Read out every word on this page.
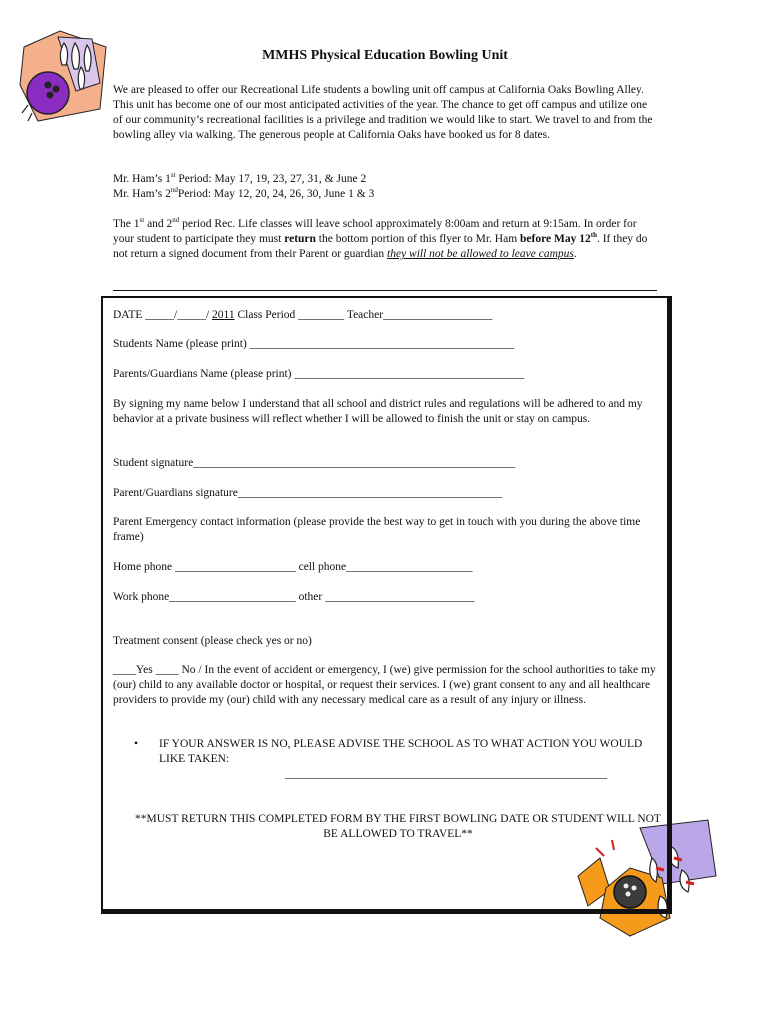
MMHS Physical Education Bowling Unit
We are pleased to offer our Recreational Life students a bowling unit off campus at California Oaks Bowling Alley. This unit has become one of our most anticipated activities of the year. The chance to get off campus and utilize one of our community’s recreational facilities is a privilege and tradition we would like to start. We travel to and from the bowling alley via walking. The generous people at California Oaks have booked us for 8 dates.
Mr. Ham’s 1st Period: May 17, 19, 23, 27, 31, & June 2
Mr. Ham’s 2ndPeriod: May 12, 20, 24, 26, 30, June 1 & 3
The 1st and 2nd period Rec. Life classes will leave school approximately 8:00am and return at 9:15am. In order for your student to participate they must return the bottom portion of this flyer to Mr. Ham before May 12th. If they do not return a signed document from their Parent or guardian they will not be allowed to leave campus.
DATE _____/_____/ 2011 Class Period ________ Teacher___________________
Students Name (please print) ______________________________________________
Parents/Guardians Name (please print) ________________________________________
By signing my name below I understand that all school and district rules and regulations will be adhered to and my behavior at a private business will reflect whether I will be allowed to finish the unit or stay on campus.
Student signature________________________________________________________
Parent/Guardians signature______________________________________________
Parent Emergency contact information (please provide the best way to get in touch with you during the above time frame)
Home phone _____________________ cell phone______________________
Work phone______________________ other __________________________
Treatment consent (please check yes or no)
____Yes ____ No / In the event of accident or emergency, I (we) give permission for the school authorities to take my (our) child to any available doctor or hospital, or request their services. I (we) grant consent to any and all healthcare providers to provide my (our) child with any necessary medical care as a result of any injury or illness.
• IF YOUR ANSWER IS NO, PLEASE ADVISE THE SCHOOL AS TO WHAT ACTION YOU WOULD LIKE TAKEN:
________________________________________________________
**MUST RETURN THIS COMPLETED FORM BY THE FIRST BOWLING DATE OR STUDENT WILL NOT BE ALLOWED TO TRAVEL**
